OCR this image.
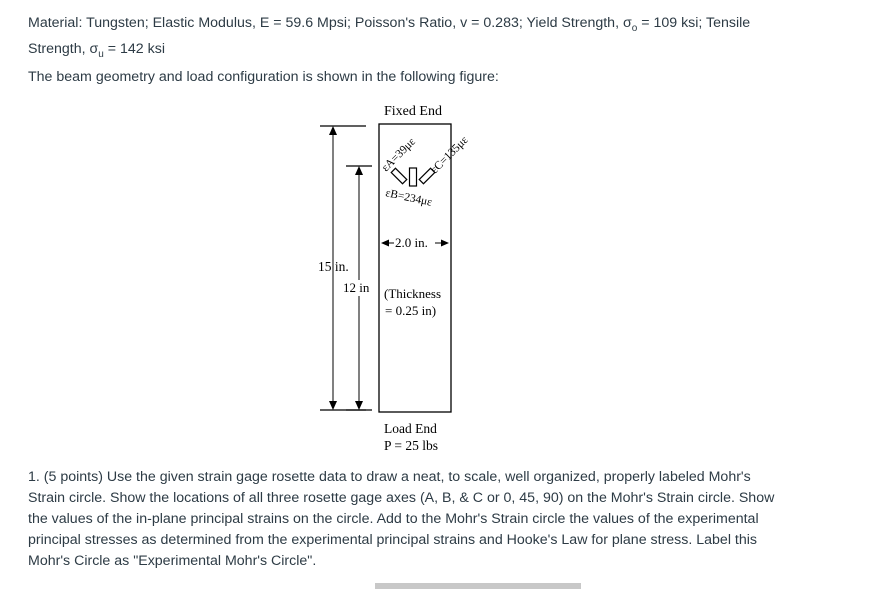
Material: Tungsten; Elastic Modulus, E = 59.6 Mpsi; Poisson's Ratio, v = 0.283; Yield Strength, $\sigma_o = 109$ ksi; Tensile
Strength, $\sigma_u = 142$ ksi

The beam geometry and load configuration is shown in the following figure:

Fixed End
15 in.
12 in
εA=39με εC=135με
εB=234με
2.0 in.
(Thickness
= 0.25 in)
Load End
P = 25 lbs

1. (5 points) Use the given strain gage rosette data to draw a neat, to scale, well organized, properly labeled Mohr's Strain circle. Show the locations of all three rosette gage axes (A, B, & C or 0, 45, 90) on the Mohr's Strain circle. Show the values of the in-plane principal strains on the circle. Add to the Mohr's Strain circle the values of the experimental principal stresses as determined from the experimental principal strains and Hooke's Law for plane stress. Label this Mohr's Circle as "Experimental Mohr's Circle".
